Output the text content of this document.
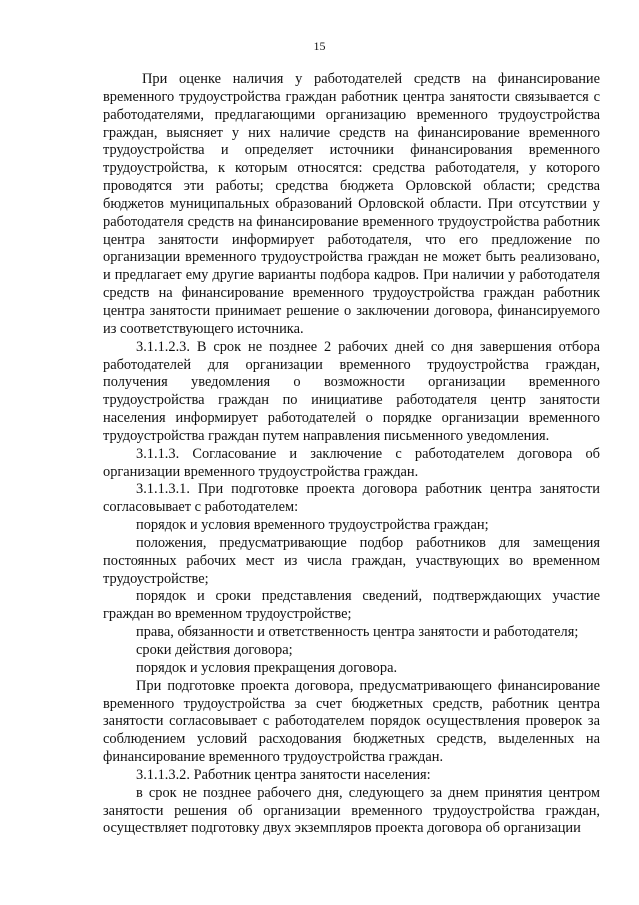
15

При оценке наличия у работодателей средств на финансирование временного трудоустройства граждан работник центра занятости связывается с работодателями, предлагающими организацию временного трудоустройства граждан, выясняет у них наличие средств на финансирование временного трудоустройства и определяет источники финансирования временного трудоустройства, к которым относятся: средства работодателя, у которого проводятся эти работы; средства бюджета Орловской области; средства бюджетов муниципальных образований Орловской области. При отсутствии у работодателя средств на финансирование временного трудоустройства работник центра занятости информирует работодателя, что его предложение по организации временного трудоустройства граждан не может быть реализовано, и предлагает ему другие варианты подбора кадров. При наличии у работодателя средств на финансирование временного трудоустройства граждан работник центра занятости принимает решение о заключении договора, финансируемого из соответствующего источника.

3.1.1.2.3. В срок не позднее 2 рабочих дней со дня завершения отбора работодателей для организации временного трудоустройства граждан, получения уведомления о возможности организации временного трудоустройства граждан по инициативе работодателя центр занятости населения информирует работодателей о порядке организации временного трудоустройства граждан путем направления письменного уведомления.

3.1.1.3. Согласование и заключение с работодателем договора об организации временного трудоустройства граждан.

3.1.1.3.1. При подготовке проекта договора работник центра занятости согласовывает с работодателем:

порядок и условия временного трудоустройства граждан;

положения, предусматривающие подбор работников для замещения постоянных рабочих мест из числа граждан, участвующих во временном трудоустройстве;

порядок и сроки представления сведений, подтверждающих участие граждан во временном трудоустройстве;

права, обязанности и ответственность центра занятости и работодателя;

сроки действия договора;

порядок и условия прекращения договора.

При подготовке проекта договора, предусматривающего финансирование временного трудоустройства за счет бюджетных средств, работник центра занятости согласовывает с работодателем порядок осуществления проверок за соблюдением условий расходования бюджетных средств, выделенных на финансирование временного трудоустройства граждан.

3.1.1.3.2. Работник центра занятости населения:

в срок не позднее рабочего дня, следующего за днем принятия центром занятости решения об организации временного трудоустройства граждан, осуществляет подготовку двух экземпляров проекта договора об организации
